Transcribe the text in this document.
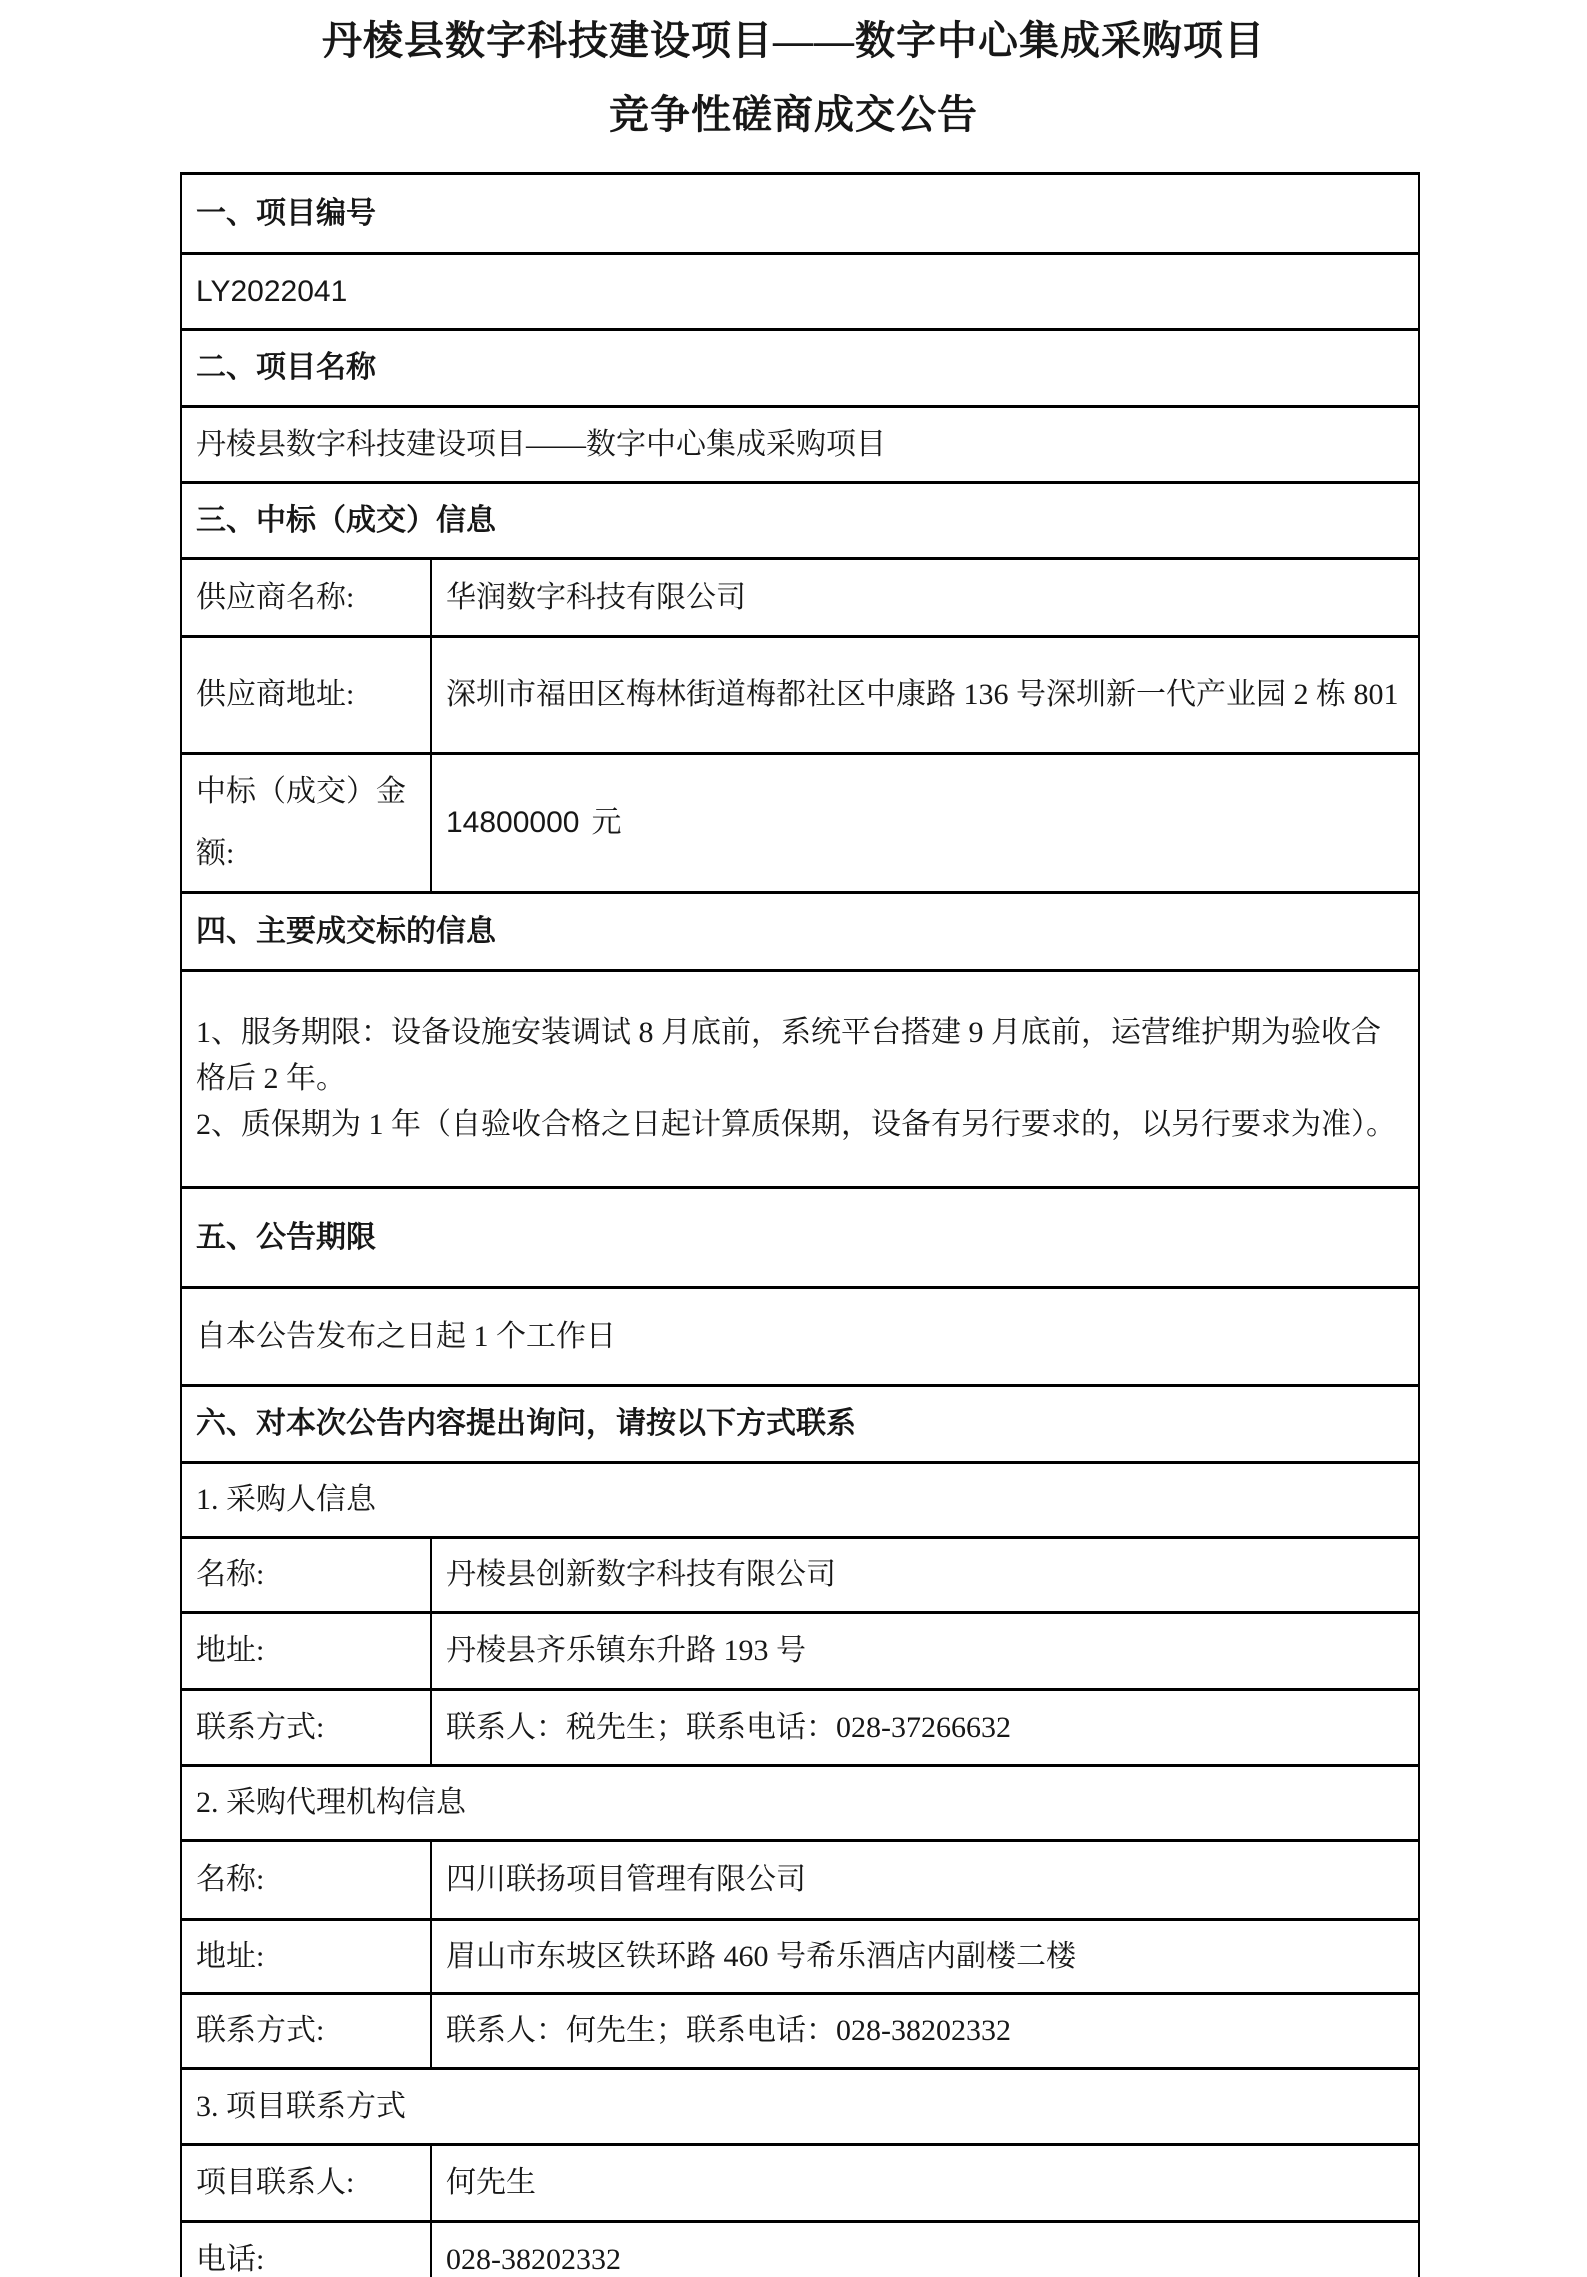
丹棱县数字科技建设项目——数字中心集成采购项目
竞争性磋商成交公告
一、项目编号	
LY2022041	
二、项目名称	
丹棱县数字科技建设项目——数字中心集成采购项目	
三、中标（成交）信息	
供应商名称:	华润数字科技有限公司
供应商地址:	深圳市福田区梅林街道梅都社区中康路 136 号深圳新一代产业园 2 栋 801
中标（成交）金额:	14800000 元
四、主要成交标的信息	

1、服务期限：设备设施安装调试 8 月底前，系统平台搭建 9 月底前，运营维护期为验收合格后 2 年。

2、质保期为 1 年（自验收合格之日起计算质保期，设备有另行要求的，以另行要求为准）。	

五、公告期限	
自本公告发布之日起 1 个工作日	
六、对本次公告内容提出询问，请按以下方式联系	
1. 采购人信息	
名称:	丹棱县创新数字科技有限公司
地址:	丹棱县齐乐镇东升路 193 号
联系方式:	联系人：税先生；联系电话：028-37266632
2. 采购代理机构信息	
名称:	四川联扬项目管理有限公司
地址:	眉山市东坡区铁环路 460 号希乐酒店内副楼二楼
联系方式:	联系人：何先生；联系电话：028-38202332
3. 项目联系方式	
项目联系人:	何先生
电话:	028-38202332
